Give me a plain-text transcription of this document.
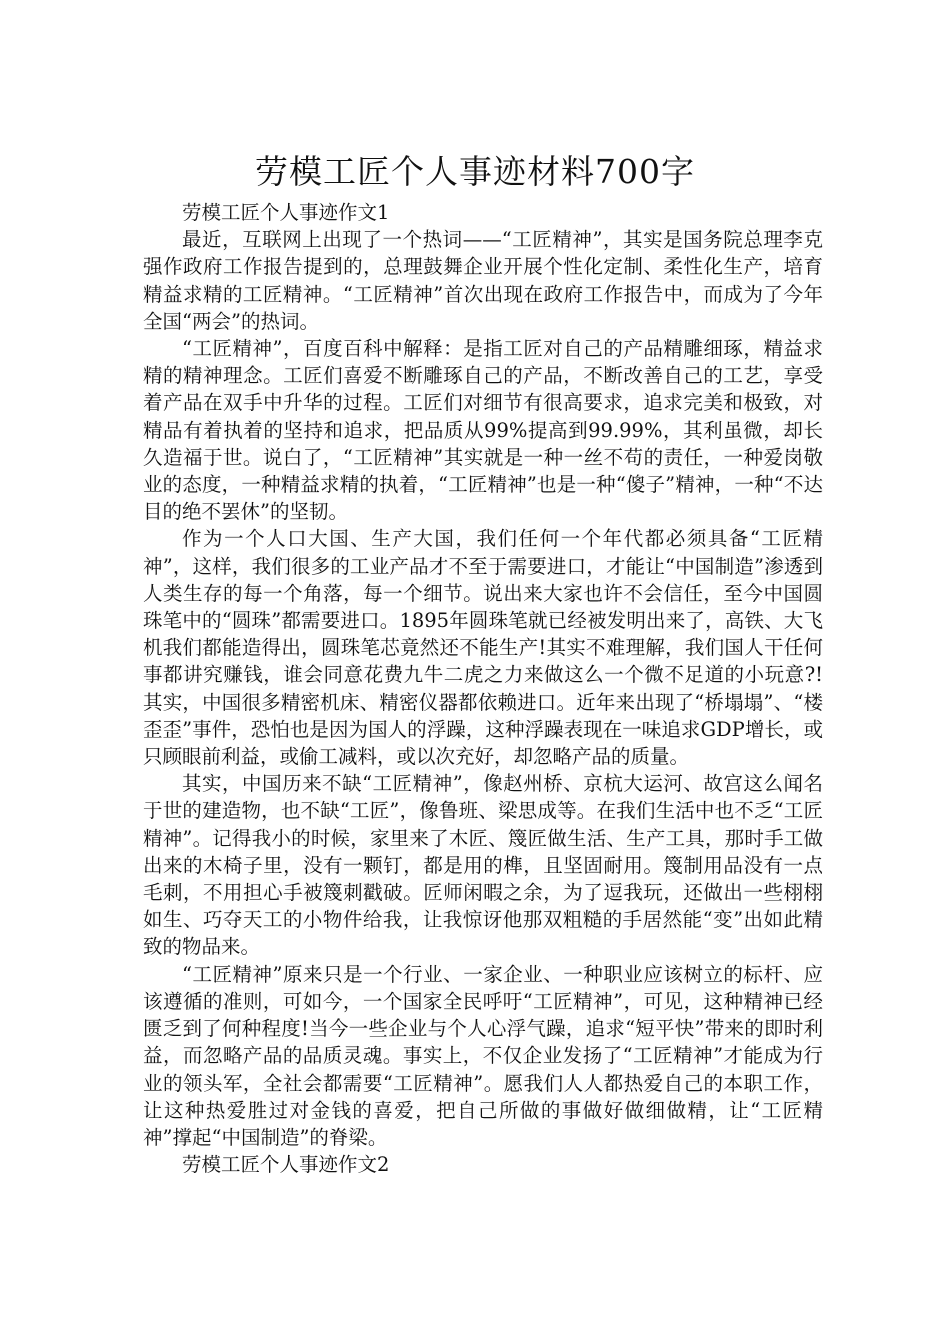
劳模工匠个人事迹材料700字

劳模工匠个人事迹作文1

最近，互联网上出现了一个热词——“工匠精神”，其实是国务院总理李克强作政府工作报告提到的，总理鼓舞企业开展个性化定制、柔性化生产，培育精益求精的工匠精神。“工匠精神”首次出现在政府工作报告中，而成为了今年全国“两会”的热词。

“工匠精神”，百度百科中解释：是指工匠对自己的产品精雕细琢，精益求精的精神理念。工匠们喜爱不断雕琢自己的产品，不断改善自己的工艺，享受着产品在双手中升华的过程。工匠们对细节有很高要求，追求完美和极致，对精品有着执着的坚持和追求，把品质从99%提高到99.99%，其利虽微，却长久造福于世。说白了，“工匠精神”其实就是一种一丝不苟的责任，一种爱岗敬业的态度，一种精益求精的执着，“工匠精神”也是一种“傻子”精神，一种“不达目的绝不罢休”的坚韧。

作为一个人口大国、生产大国，我们任何一个年代都必须具备“工匠精神”，这样，我们很多的工业产品才不至于需要进口，才能让“中国制造”渗透到人类生存的每一个角落，每一个细节。说出来大家也许不会信任，至今中国圆珠笔中的“圆珠”都需要进口。1895年圆珠笔就已经被发明出来了，高铁、大飞机我们都能造得出，圆珠笔芯竟然还不能生产!其实不难理解，我们国人干任何事都讲究赚钱，谁会同意花费九牛二虎之力来做这么一个微不足道的小玩意?!其实，中国很多精密机床、精密仪器都依赖进口。近年来出现了“桥塌塌”、“楼歪歪”事件，恐怕也是因为国人的浮躁，这种浮躁表现在一味追求GDP增长，或只顾眼前利益，或偷工减料，或以次充好，却忽略产品的质量。

其实，中国历来不缺“工匠精神”，像赵州桥、京杭大运河、故宫这么闻名于世的建造物，也不缺“工匠”，像鲁班、梁思成等。在我们生活中也不乏“工匠精神”。记得我小的时候，家里来了木匠、篾匠做生活、生产工具，那时手工做出来的木椅子里，没有一颗钉，都是用的榫，且坚固耐用。篾制用品没有一点毛刺，不用担心手被篾刺戳破。匠师闲暇之余，为了逗我玩，还做出一些栩栩如生、巧夺天工的小物件给我，让我惊讶他那双粗糙的手居然能“变”出如此精致的物品来。

“工匠精神”原来只是一个行业、一家企业、一种职业应该树立的标杆、应该遵循的准则，可如今，一个国家全民呼吁“工匠精神”，可见，这种精神已经匮乏到了何种程度!当今一些企业与个人心浮气躁，追求“短平快”带来的即时利益，而忽略产品的品质灵魂。事实上，不仅企业发扬了“工匠精神”才能成为行业的领头军，全社会都需要“工匠精神”。愿我们人人都热爱自己的本职工作，让这种热爱胜过对金钱的喜爱，把自己所做的事做好做细做精，让“工匠精神”撑起“中国制造”的脊梁。

劳模工匠个人事迹作文2
